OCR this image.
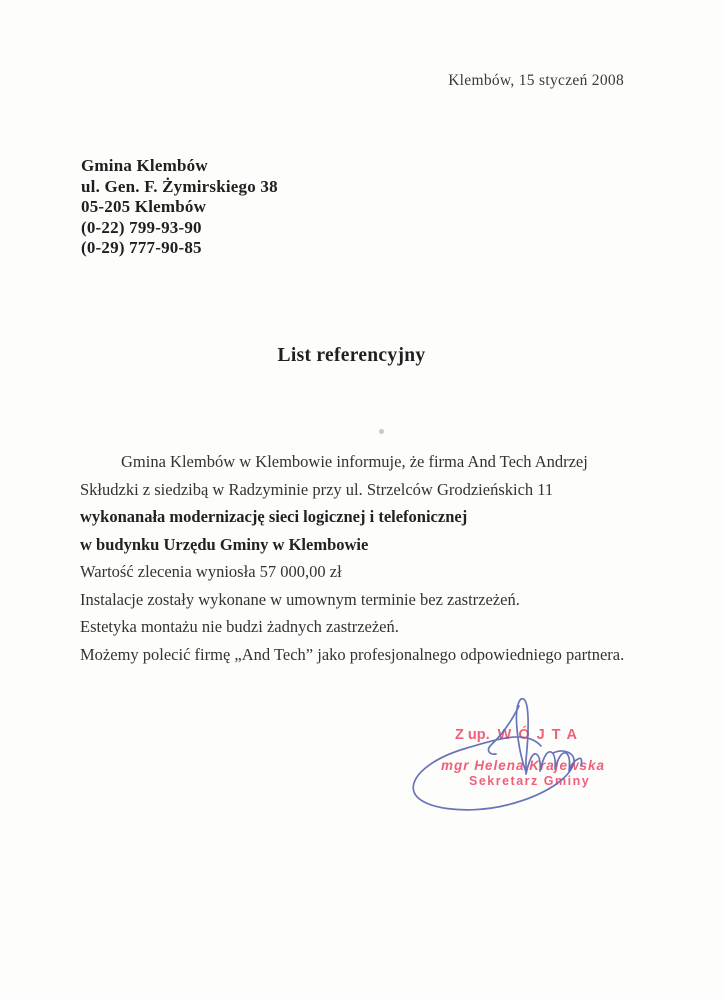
Klembów, 15 styczeń 2008
Gmina Klembów
ul. Gen. F. Żymirskiego 38
05-205 Klembów
(0-22) 799-93-90
(0-29) 777-90-85
List referencyjny
Gmina Klembów w Klembowie informuje, że firma And Tech Andrzej
Skłudzki z siedzibą w Radzyminie przy ul. Strzelców Grodzieńskich 11
wykonanała modernizację sieci logicznej i telefonicznej
w budynku Urzędu Gminy w Klembowie
Wartość zlecenia wyniosła 57 000,00 zł
Instalacje zostały wykonane w umownym terminie bez zastrzeżeń.
Estetyka montażu nie budzi żadnych zastrzeżeń.
Możemy polecić firmę „And Tech” jako profesjonalnego odpowiedniego partnera.
Z up. WÓJTA
mgr Helena Krajewska
Sekretarz Gminy
